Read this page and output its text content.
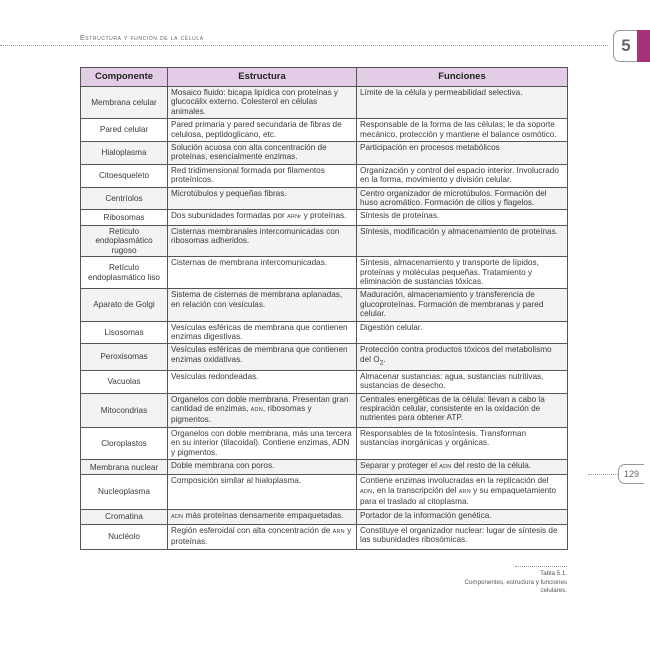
Estructura y función de la célula	5
Componente	Estructura	Funciones
Membrana celular	Mosaico fluido: bicapa lipídica con proteínas y glucocálix externo. Colesterol en células animales.	Límite de la célula y permeabilidad selectiva.
Pared celular	Pared primaria y pared secundaria de fibras de celulosa, peptidoglicano, etc.	Responsable de la forma de las células; le da soporte mecánico, protección y mantiene el balance osmótico.
Hialoplasma	Solución acuosa con alta concentración de proteínas, esencialmente enzimas.	Participación en procesos metabólicos
Citoesqueleto	Red tridimensional formada por filamentos proteínicos.	Organización y control del espacio interior. Involucrado en la forma, movimiento y división celular.
Centríolos	Microtúbulos y pequeñas fibras.	Centro organizador de microtúbulos. Formación del huso acromático. Formación de cilios y flagelos.
Ribosomas	Dos subunidades formadas por ARNr y proteínas.	Síntesis de proteínas.
Retículo endoplasmático rugoso	Cisternas membranales intercomunicadas con ribosomas adheridos.	Síntesis, modificación y almacenamiento de proteínas.
Retículo endoplasmático liso	Cisternas de membrana intercomunicadas.	Síntesis, almacenamiento y transporte de lípidos, proteínas y moléculas pequeñas. Tratamiento y eliminación de sustancias tóxicas.
Aparato de Golgi	Sistema de cisternas de membrana aplanadas, en relación con vesículas.	Maduración, almacenamiento y transferencia de glucoproteínas. Formación de membranas y pared celular.
Lisosomas	Vesículas esféricas de membrana que contienen enzimas digestivas.	Digestión celular.
Peroxisomas	Vesículas esféricas de membrana que contienen enzimas oxidativas.	Protección contra productos tóxicos del metabolismo del $O_2$.
Vacuolas	Vesículas redondeadas.	Almacenar sustancias: agua, sustancias nutritivas, sustancias de desecho.
Mitocondrias	Organelos con doble membrana. Presentan gran cantidad de enzimas, ADN, ribosomas y pigmentos.	Centrales energéticas de la célula: llevan a cabo la respiración celular, consistente en la oxidación de nutrientes para obtener ATP.
Cloroplastos	Organelos con doble membrana, más una tercera en su interior (tilacoidal). Contiene enzimas, ADN y pigmentos.	Responsables de la fotosíntesis. Transforman sustancias inorgánicas y orgánicas.
Membrana nuclear	Doble membrana con poros.	Separar y proteger el ADN del resto de la célula.
Nucleoplasma	Composición similar al hialoplasma.	Contiene enzimas involucradas en la replicación del ADN, en la transcripción del ARN y su empaquetamiento para el traslado al citoplasma.
Cromatina	ADN más proteínas densamente empaquetadas.	Portador de la información genética.
Nucléolo	Región esferoidal con alta concentración de ARN y proteínas.	Constituye el organizador nuclear: lugar de síntesis de las subunidades ribosómicas.
129
Tabla 5.1.
Componentes, estructura y funciones celulares.
